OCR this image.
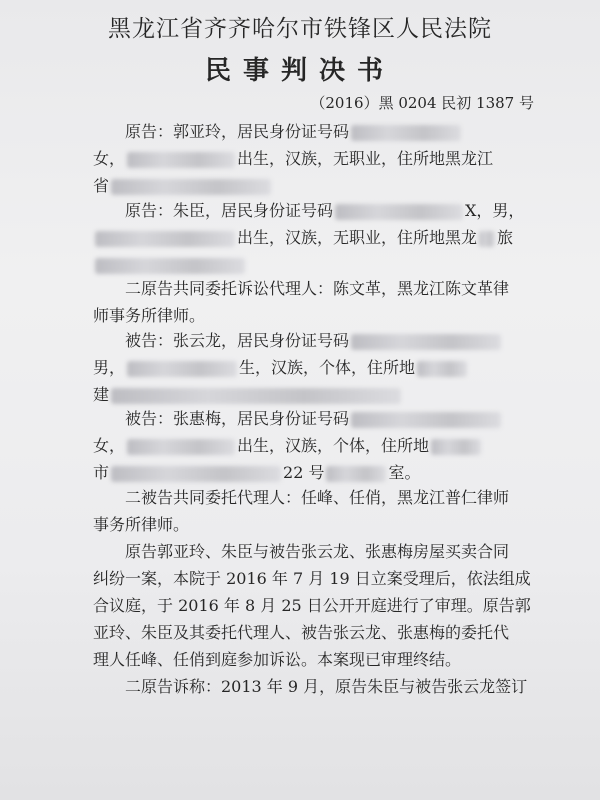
黑龙江省齐齐哈尔市铁锋区人民法院
民事判决书
（2016）黑 0204 民初 1387 号
原告：郭亚玲，居民身份证号码
女，	出生，汉族，无职业，住所地黑龙江
省
原告：朱臣，居民身份证号码	X，男，
出生，汉族，无职业，住所地黑龙 旅
二原告共同委托诉讼代理人：陈文革，黑龙江陈文革律
师事务所律师。
被告：张云龙，居民身份证号码
男，	生，汉族，个体，住所地
建
被告：张惠梅，居民身份证号码
女，	出生，汉族，个体，住所地
市	22 号	室。
二被告共同委托代理人：任峰、任俏，黑龙江普仁律师
事务所律师。
原告郭亚玲、朱臣与被告张云龙、张惠梅房屋买卖合同
纠纷一案，本院于 2016 年 7 月 19 日立案受理后，依法组成
合议庭，于 2016 年 8 月 25 日公开开庭进行了审理。原告郭
亚玲、朱臣及其委托代理人、被告张云龙、张惠梅的委托代
理人任峰、任俏到庭参加诉讼。本案现已审理终结。
二原告诉称：2013 年 9 月，原告朱臣与被告张云龙签订
